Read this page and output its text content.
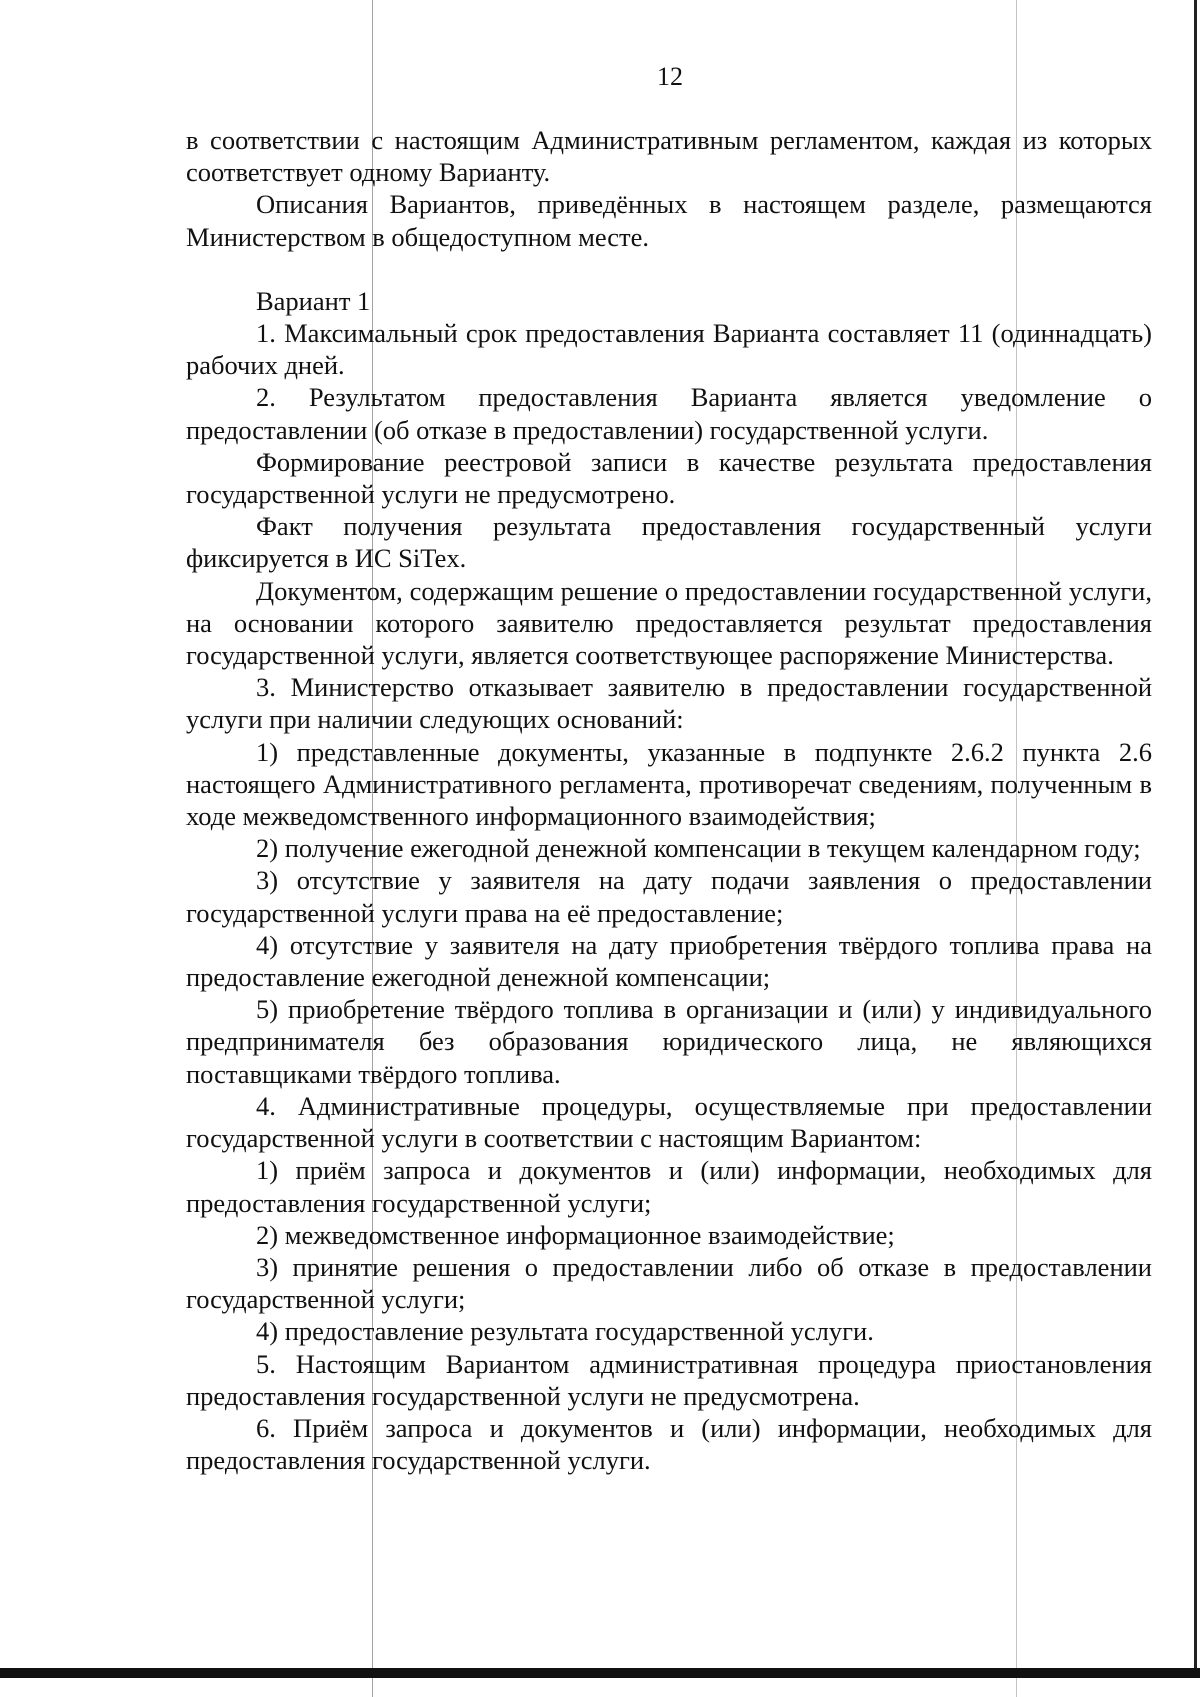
12

в соответствии с настоящим Административным регламентом, каждая из которых соответствует одному Варианту.

Описания Вариантов, приведённых в настоящем разделе, размещаются Министерством в общедоступном месте.

Вариант 1

1. Максимальный срок предоставления Варианта составляет 11 (одиннадцать) рабочих дней.

2. Результатом предоставления Варианта является уведомление о предоставлении (об отказе в предоставлении) государственной услуги.

Формирование реестровой записи в качестве результата предоставления государственной услуги не предусмотрено.

Факт получения результата предоставления государственный услуги фиксируется в ИС SiTex.

Документом, содержащим решение о предоставлении государственной услуги, на основании которого заявителю предоставляется результат предоставления государственной услуги, является соответствующее распоряжение Министерства.

3. Министерство отказывает заявителю в предоставлении государственной услуги при наличии следующих оснований:

1) представленные документы, указанные в подпункте 2.6.2 пункта 2.6 настоящего Административного регламента, противоречат сведениям, полученным в ходе межведомственного информационного взаимодействия;

2) получение ежегодной денежной компенсации в текущем календарном году;

3) отсутствие у заявителя на дату подачи заявления о предоставлении государственной услуги права на её предоставление;

4) отсутствие у заявителя на дату приобретения твёрдого топлива права на предоставление ежегодной денежной компенсации;

5) приобретение твёрдого топлива в организации и (или) у индивидуального предпринимателя без образования юридического лица, не являющихся поставщиками твёрдого топлива.

4. Административные процедуры, осуществляемые при предоставлении государственной услуги в соответствии с настоящим Вариантом:

1) приём запроса и документов и (или) информации, необходимых для предоставления государственной услуги;

2) межведомственное информационное взаимодействие;

3) принятие решения о предоставлении либо об отказе в предоставлении государственной услуги;

4) предоставление результата государственной услуги.

5. Настоящим Вариантом административная процедура приостановления предоставления государственной услуги не предусмотрена.

6. Приём запроса и документов и (или) информации, необходимых для предоставления государственной услуги.
